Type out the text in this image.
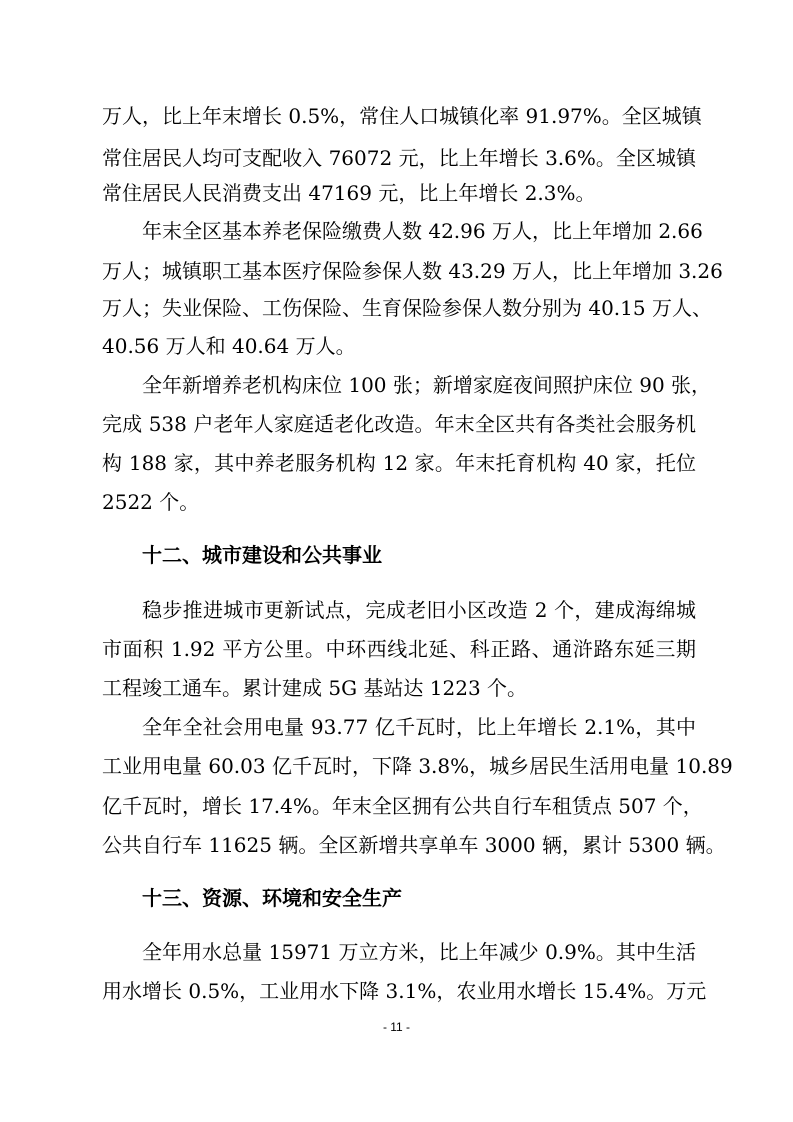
万人，比上年末增长 0.5%，常住人口城镇化率 91.97%。全区城镇
常住居民人均可支配收入 76072 元，比上年增长 3.6%。全区城镇
常住居民人民消费支出 47169 元，比上年增长 2.3%。
年末全区基本养老保险缴费人数 42.96 万人，比上年增加 2.66
万人；城镇职工基本医疗保险参保人数 43.29 万人，比上年增加 3.26
万人；失业保险、工伤保险、生育保险参保人数分别为 40.15 万人、
40.56 万人和 40.64 万人。
全年新增养老机构床位 100 张；新增家庭夜间照护床位 90 张，
完成 538 户老年人家庭适老化改造。年末全区共有各类社会服务机
构 188 家，其中养老服务机构 12 家。年末托育机构 40 家，托位
2522 个。
十二、城市建设和公共事业
稳步推进城市更新试点，完成老旧小区改造 2 个，建成海绵城
市面积 1.92 平方公里。中环西线北延、科正路、通浒路东延三期
工程竣工通车。累计建成 5G 基站达 1223 个。
全年全社会用电量 93.77 亿千瓦时，比上年增长 2.1%，其中
工业用电量 60.03 亿千瓦时，下降 3.8%，城乡居民生活用电量 10.89
亿千瓦时，增长 17.4%。年末全区拥有公共自行车租赁点 507 个，
公共自行车 11625 辆。全区新增共享单车 3000 辆，累计 5300 辆。
十三、资源、环境和安全生产
全年用水总量 15971 万立方米，比上年减少 0.9%。其中生活
用水增长 0.5%，工业用水下降 3.1%，农业用水增长 15.4%。万元
- 11 -
